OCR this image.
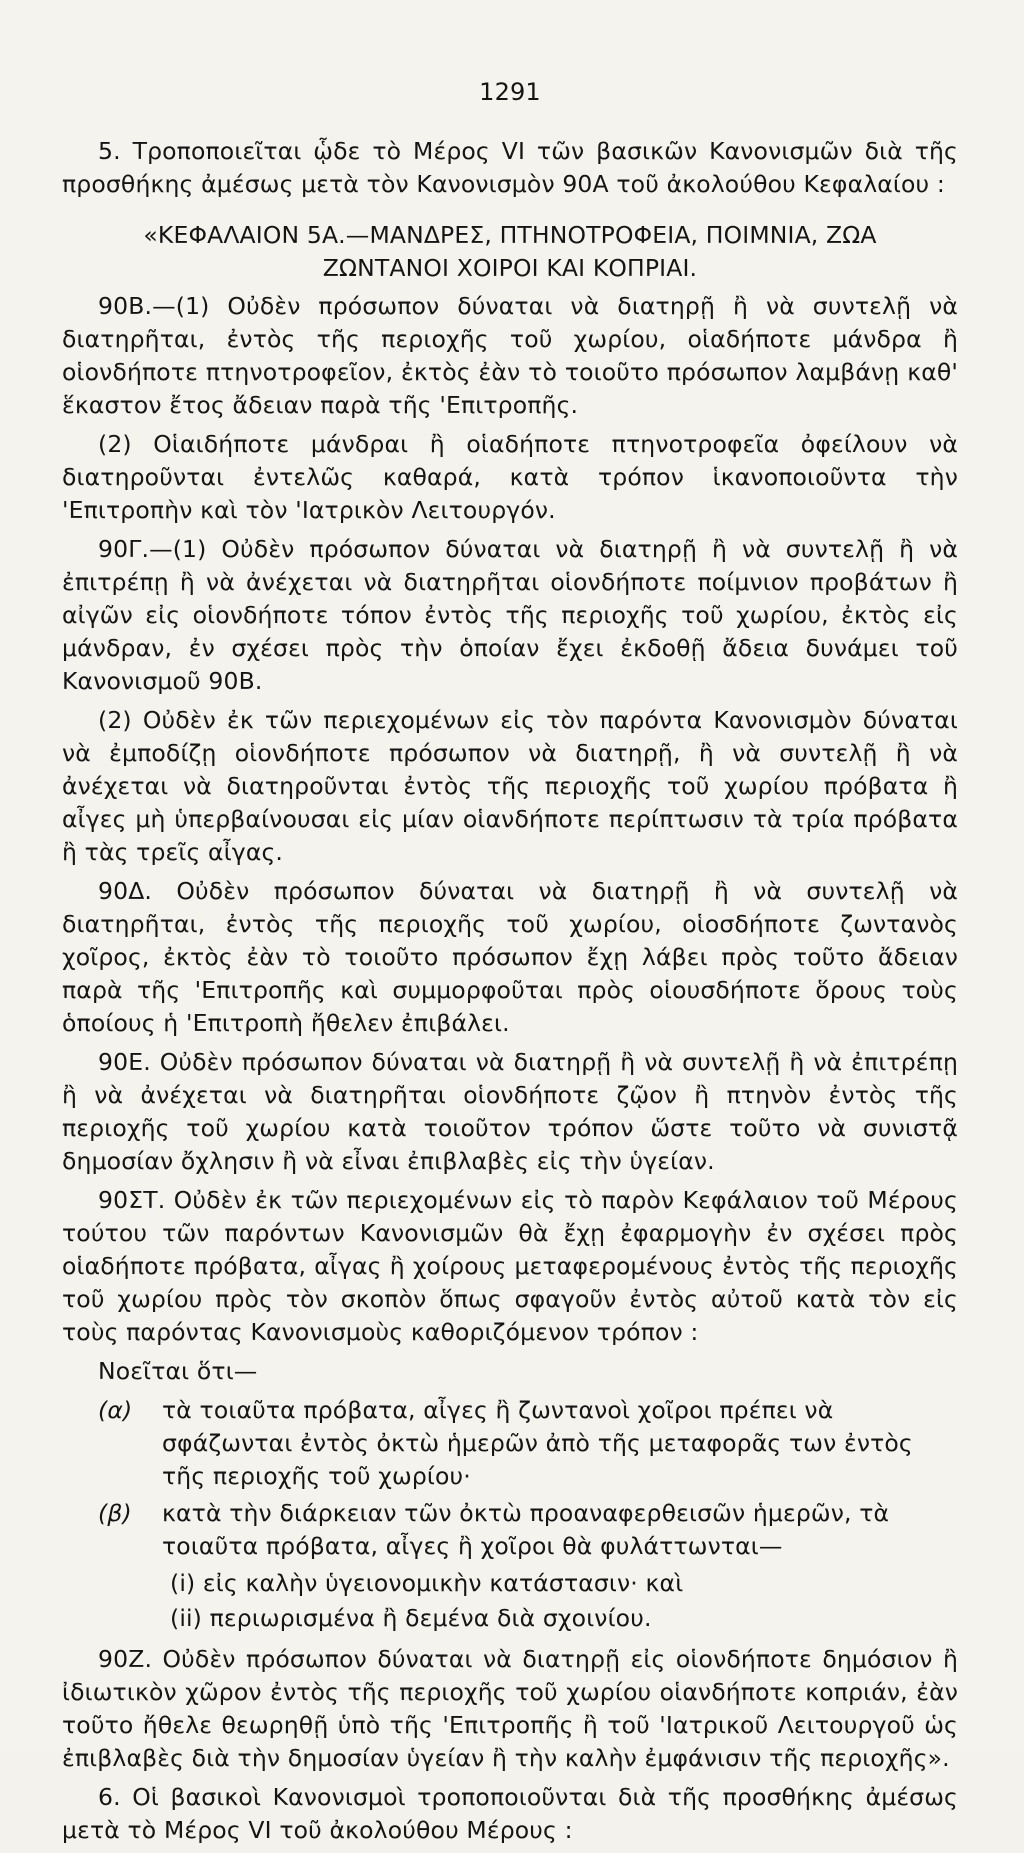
1291

5. Τροποποιεῖται ᾧδε τὸ Μέρος VI τῶν βασικῶν Κανονισμῶν διὰ τῆς προσθήκης ἀμέσως μετὰ τὸν Κανονισμὸν 90Α τοῦ ἀκολούθου Κεφαλαίου :

«ΚΕΦΑΛΑΙΟΝ 5Α.—ΜΑΝΔΡΕΣ, ΠΤΗΝΟΤΡΟΦΕΙΑ, ΠΟΙΜΝΙΑ, ΖΩΑ
ΖΩΝΤΑΝΟΙ ΧΟΙΡΟΙ ΚΑΙ ΚΟΠΡΙΑΙ.

90Β.—(1) Οὐδὲν πρόσωπον δύναται νὰ διατηρῇ ἢ νὰ συντελῇ νὰ διατηρῆται, ἐντὸς τῆς περιοχῆς τοῦ χωρίου, οἱαδήποτε μάνδρα ἢ οἱονδήποτε πτηνοτροφεῖον, ἐκτὸς ἐὰν τὸ τοιοῦτο πρόσωπον λαμβάνῃ καθ' ἕκαστον ἔτος ἄδειαν παρὰ τῆς 'Επιτροπῆς.

(2) Οἱαιδήποτε μάνδραι ἢ οἱαδήποτε πτηνοτροφεῖα ὀφείλουν νὰ διατηροῦνται ἐντελῶς καθαρά, κατὰ τρόπον ἱκανοποιοῦντα τὴν 'Επιτροπὴν καὶ τὸν 'Ιατρικὸν Λειτουργόν.

90Γ.—(1) Οὐδὲν πρόσωπον δύναται νὰ διατηρῇ ἢ νὰ συντελῇ ἢ νὰ ἐπιτρέπῃ ἢ νὰ ἀνέχεται νὰ διατηρῆται οἱονδήποτε ποίμνιον προβάτων ἢ αἰγῶν εἰς οἱονδήποτε τόπον ἐντὸς τῆς περιοχῆς τοῦ χωρίου, ἐκτὸς εἰς μάνδραν, ἐν σχέσει πρὸς τὴν ὁποίαν ἔχει ἐκδοθῇ ἄδεια δυνάμει τοῦ Κανονισμοῦ 90Β.

(2) Οὐδὲν ἐκ τῶν περιεχομένων εἰς τὸν παρόντα Κανονισμὸν δύναται νὰ ἐμποδίζῃ οἱονδήποτε πρόσωπον νὰ διατηρῇ, ἢ νὰ συντελῇ ἢ νὰ ἀνέχεται νὰ διατηροῦνται ἐντὸς τῆς περιοχῆς τοῦ χωρίου πρόβατα ἢ αἶγες μὴ ὑπερβαίνουσαι εἰς μίαν οἱανδήποτε περίπτωσιν τὰ τρία πρόβατα ἢ τὰς τρεῖς αἶγας.

90Δ. Οὐδὲν πρόσωπον δύναται νὰ διατηρῇ ἢ νὰ συντελῇ νὰ διατηρῆται, ἐντὸς τῆς περιοχῆς τοῦ χωρίου, οἱοσδήποτε ζωντανὸς χοῖρος, ἐκτὸς ἐὰν τὸ τοιοῦτο πρόσωπον ἔχῃ λάβει πρὸς τοῦτο ἄδειαν παρὰ τῆς 'Επιτροπῆς καὶ συμμορφοῦται πρὸς οἱουσδήποτε ὅρους τοὺς ὁποίους ἡ 'Επιτροπὴ ἤθελεν ἐπιβάλει.

90Ε. Οὐδὲν πρόσωπον δύναται νὰ διατηρῇ ἢ νὰ συντελῇ ἢ νὰ ἐπιτρέπῃ ἢ νὰ ἀνέχεται νὰ διατηρῆται οἱονδήποτε ζῷον ἢ πτηνὸν ἐντὸς τῆς περιοχῆς τοῦ χωρίου κατὰ τοιοῦτον τρόπον ὥστε τοῦτο νὰ συνιστᾷ δημοσίαν ὄχλησιν ἢ νὰ εἶναι ἐπιβλαβὲς εἰς τὴν ὑγείαν.

90ΣΤ. Οὐδὲν ἐκ τῶν περιεχομένων εἰς τὸ παρὸν Κεφάλαιον τοῦ Μέρους τούτου τῶν παρόντων Κανονισμῶν θὰ ἔχῃ ἐφαρμογὴν ἐν σχέσει πρὸς οἱαδήποτε πρόβατα, αἶγας ἢ χοίρους μεταφερομένους ἐντὸς τῆς περιοχῆς τοῦ χωρίου πρὸς τὸν σκοπὸν ὅπως σφαγοῦν ἐντὸς αὐτοῦ κατὰ τὸν εἰς τοὺς παρόντας Κανονισμοὺς καθοριζόμενον τρόπον :

Νοεῖται ὅτι—

(α)	τὰ τοιαῦτα πρόβατα, αἶγες ἢ ζωντανοὶ χοῖροι πρέπει νὰ σφάζωνται ἐντὸς ὀκτὼ ἡμερῶν ἀπὸ τῆς μεταφορᾶς των ἐντὸς τῆς περιοχῆς τοῦ χωρίου·
(β)	κατὰ τὴν διάρκειαν τῶν ὀκτὼ προαναφερθεισῶν ἡμερῶν, τὰ τοιαῦτα πρόβατα, αἶγες ἢ χοῖροι θὰ φυλάττωνται—
(i) εἰς καλὴν ὑγειονομικὴν κατάστασιν· καὶ
(ii) περιωρισμένα ἢ δεμένα διὰ σχοινίου.

90Ζ. Οὐδὲν πρόσωπον δύναται νὰ διατηρῇ εἰς οἱονδήποτε δημόσιον ἢ ἰδιωτικὸν χῶρον ἐντὸς τῆς περιοχῆς τοῦ χωρίου οἱανδήποτε κοπριάν, ἐὰν τοῦτο ἤθελε θεωρηθῇ ὑπὸ τῆς 'Επιτροπῆς ἢ τοῦ 'Ιατρικοῦ Λειτουργοῦ ὡς ἐπιβλαβὲς διὰ τὴν δημοσίαν ὑγείαν ἢ τὴν καλὴν ἐμφάνισιν τῆς περιοχῆς».

6. Οἱ βασικοὶ Κανονισμοὶ τροποποιοῦνται διὰ τῆς προσθήκης ἀμέσως μετὰ τὸ Μέρος VI τοῦ ἀκολούθου Μέρους :
